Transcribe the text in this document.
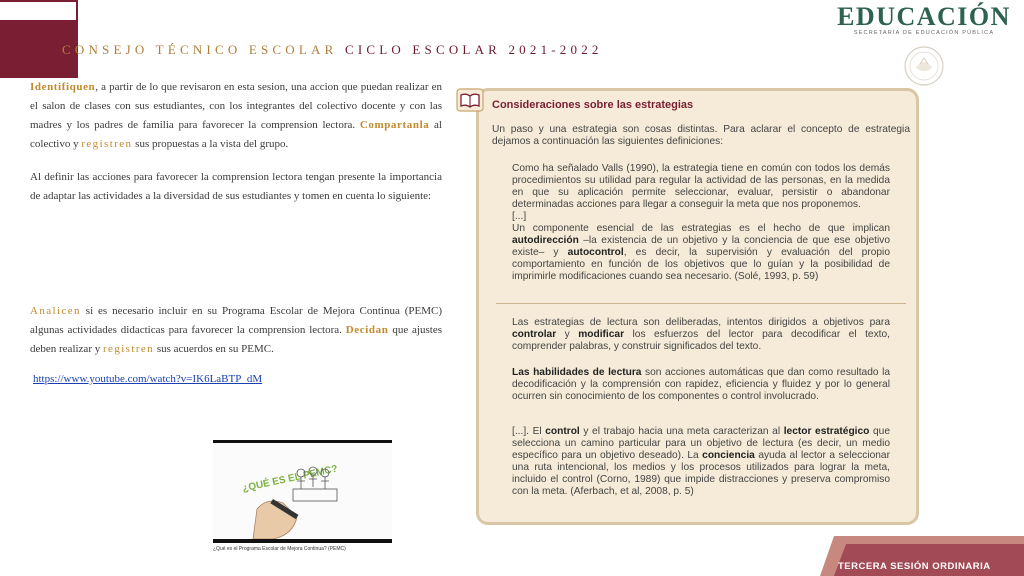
CONSEJO TÉCNICO ESCOLAR CICLO ESCOLAR 2021-2022
EDUCACIÓN
SECRETARÍA DE EDUCACIÓN PÚBLICA
Identifiquen, a partir de lo que revisaron en esta sesion, una accion que puedan realizar en el salon de clases con sus estudiantes, con los integrantes del colectivo docente y con las madres y los padres de familia para favorecer la comprension lectora. Compartanla al colectivo y registren sus propuestas a la vista del grupo.
Al definir las acciones para favorecer la comprension lectora tengan presente la importancia de adaptar las actividades a la diversidad de sus estudiantes y tomen en cuenta lo siguiente:
Analicen si es necesario incluir en su Programa Escolar de Mejora Continua (PEMC) algunas actividades didacticas para favorecer la comprension lectora. Decidan que ajustes deben realizar y registren sus acuerdos en su PEMC.
https://www.youtube.com/watch?v=IK6LaBTP_dM
¿QUÉ ES EL PEMC?
¿Qué es el Programa Escolar de Mejora Continua? (PEMC)
Consideraciones sobre las estrategias
Un paso y una estrategia son cosas distintas. Para aclarar el concepto de estrategia dejamos a continuación las siguientes definiciones:
Como ha señalado Valls (1990), la estrategia tiene en común con todos los demás procedimientos su utilidad para regular la actividad de las personas, en la medida en que su aplicación permite seleccionar, evaluar, persistir o abandonar determinadas acciones para llegar a conseguir la meta que nos proponemos.
[...]
Un componente esencial de las estrategias es el hecho de que implican autodirección –la existencia de un objetivo y la conciencia de que ese objetivo existe– y autocontrol, es decir, la supervisión y evaluación del propio comportamiento en función de los objetivos que lo guían y la posibilidad de imprimirle modificaciones cuando sea necesario. (Solé, 1993, p. 59)
Las estrategias de lectura son deliberadas, intentos dirigidos a objetivos para controlar y modificar los esfuerzos del lector para decodificar el texto, comprender palabras, y construir significados del texto.
Las habilidades de lectura son acciones automáticas que dan como resultado la decodificación y la comprensión con rapidez, eficiencia y fluidez y por lo general ocurren sin conocimiento de los componentes o control involucrado.
[...]. El control y el trabajo hacia una meta caracterizan al lector estratégico que selecciona un camino particular para un objetivo de lectura (es decir, un medio específico para un objetivo deseado). La conciencia ayuda al lector a seleccionar una ruta intencional, los medios y los procesos utilizados para lograr la meta, incluido el control (Corno, 1989) que impide distracciones y preserva compromiso con la meta. (Aferbach, et al, 2008, p. 5)
TERCERA SESIÓN ORDINARIA
